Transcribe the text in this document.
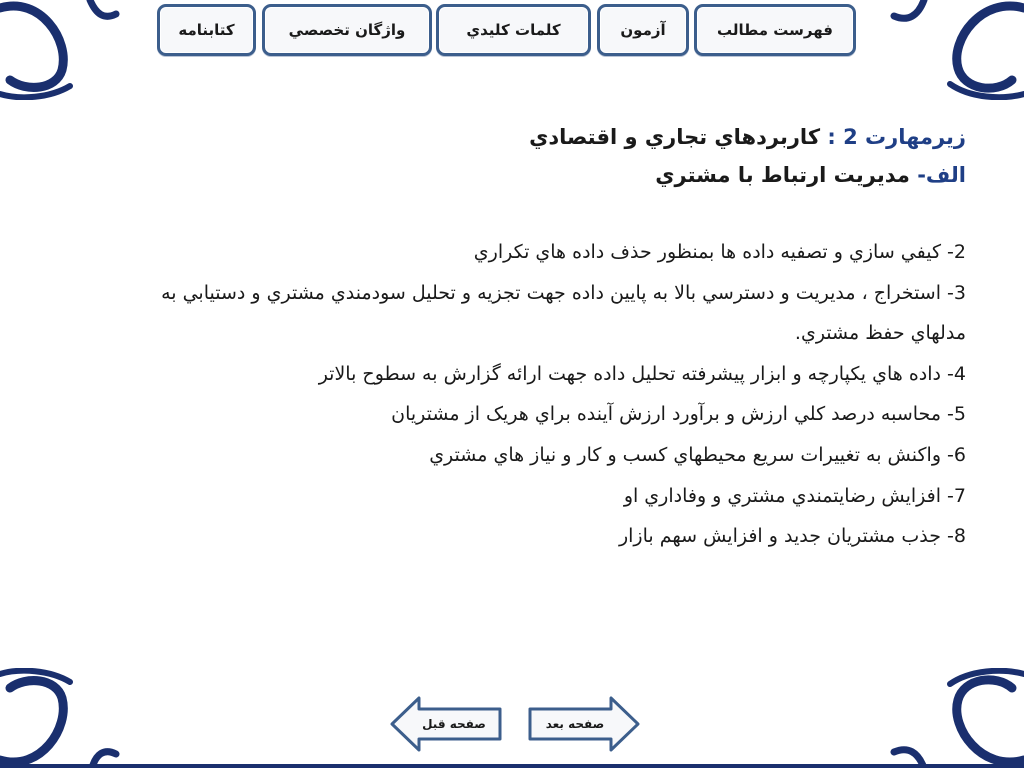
فهرست مطالب
آزمون
کلمات کليدي
واژگان تخصصي
کتابنامه
زيرمهارت 2 : کاربردهاي تجاري و اقتصادي
الف- مديريت ارتباط با مشتري
2- کيفي سازي و تصفيه داده ها بمنظور حذف داده هاي تکراري
3- استخراج ، مديريت و دسترسي بالا به پايين داده جهت تجزيه و تحليل سودمندي مشتري و دستيابي به مدلهاي حفظ مشتري.
4- داده هاي يکپارچه و ابزار پيشرفته تحليل داده جهت ارائه گزارش به سطوح بالاتر
5- محاسبه درصد کلي ارزش و برآورد ارزش آينده براي هريک از مشتريان
6- واکنش به تغييرات سريع محيطهاي کسب و کار و نياز هاي مشتري
7- افزايش رضايتمندي مشتري و وفاداري او
8- جذب مشتريان جديد و افزايش سهم بازار
صفحه قبل	صفحه بعد
